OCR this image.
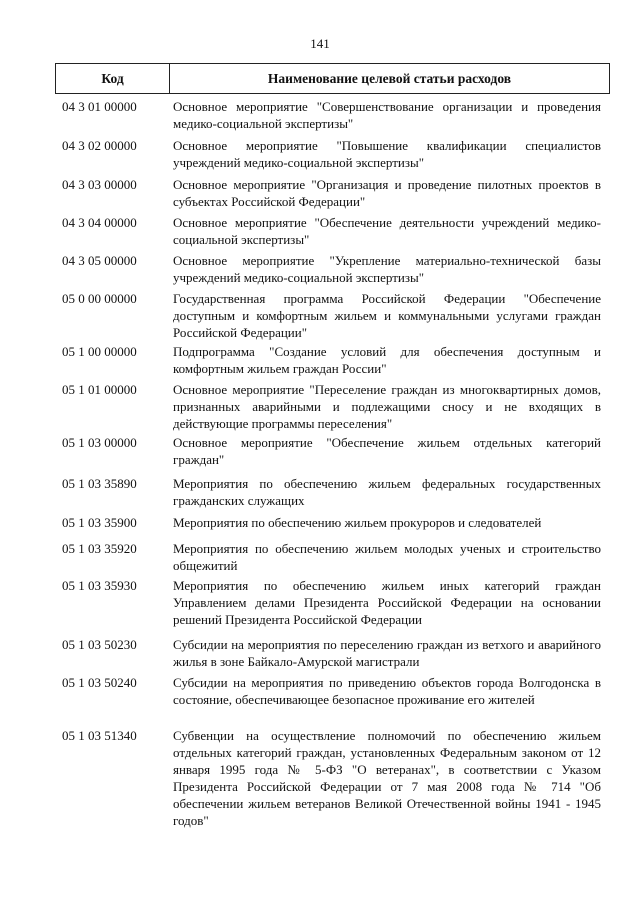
141
Код	Наименование целевой статьи расходов
04 3 01 00000	Основное мероприятие "Совершенствование организации и проведения медико-социальной экспертизы"
04 3 02 00000	Основное мероприятие "Повышение квалификации специалистов учреждений медико-социальной экспертизы"
04 3 03 00000	Основное мероприятие "Организация и проведение пилотных проектов в субъектах Российской Федерации"
04 3 04 00000	Основное мероприятие "Обеспечение деятельности учреждений медико-социальной экспертизы"
04 3 05 00000	Основное мероприятие "Укрепление материально-технической базы учреждений медико-социальной экспертизы"
05 0 00 00000	Государственная программа Российской Федерации "Обеспечение доступным и комфортным жильем и коммунальными услугами граждан Российской Федерации"
05 1 00 00000	Подпрограмма "Создание условий для обеспечения доступным и комфортным жильем граждан России"
05 1 01 00000	Основное мероприятие "Переселение граждан из многоквартирных домов, признанных аварийными и подлежащими сносу и не входящих в действующие программы переселения"
05 1 03 00000	Основное мероприятие "Обеспечение жильем отдельных категорий граждан"
05 1 03 35890	Мероприятия по обеспечению жильем федеральных государственных гражданских служащих
05 1 03 35900	Мероприятия по обеспечению жильем прокуроров и следователей
05 1 03 35920	Мероприятия по обеспечению жильем молодых ученых и строительство общежитий
05 1 03 35930	Мероприятия по обеспечению жильем иных категорий граждан Управлением делами Президента Российской Федерации на основании решений Президента Российской Федерации
05 1 03 50230	Субсидии на мероприятия по переселению граждан из ветхого и аварийного жилья в зоне Байкало-Амурской магистрали
05 1 03 50240	Субсидии на мероприятия по приведению объектов города Волгодонска в состояние, обеспечивающее безопасное проживание его жителей
05 1 03 51340	Субвенции на осуществление полномочий по обеспечению жильем отдельных категорий граждан, установленных Федеральным законом от 12 января 1995 года № 5-ФЗ "О ветеранах", в соответствии с Указом Президента Российской Федерации от 7 мая 2008 года № 714 "Об обеспечении жильем ветеранов Великой Отечественной войны 1941 - 1945 годов"
